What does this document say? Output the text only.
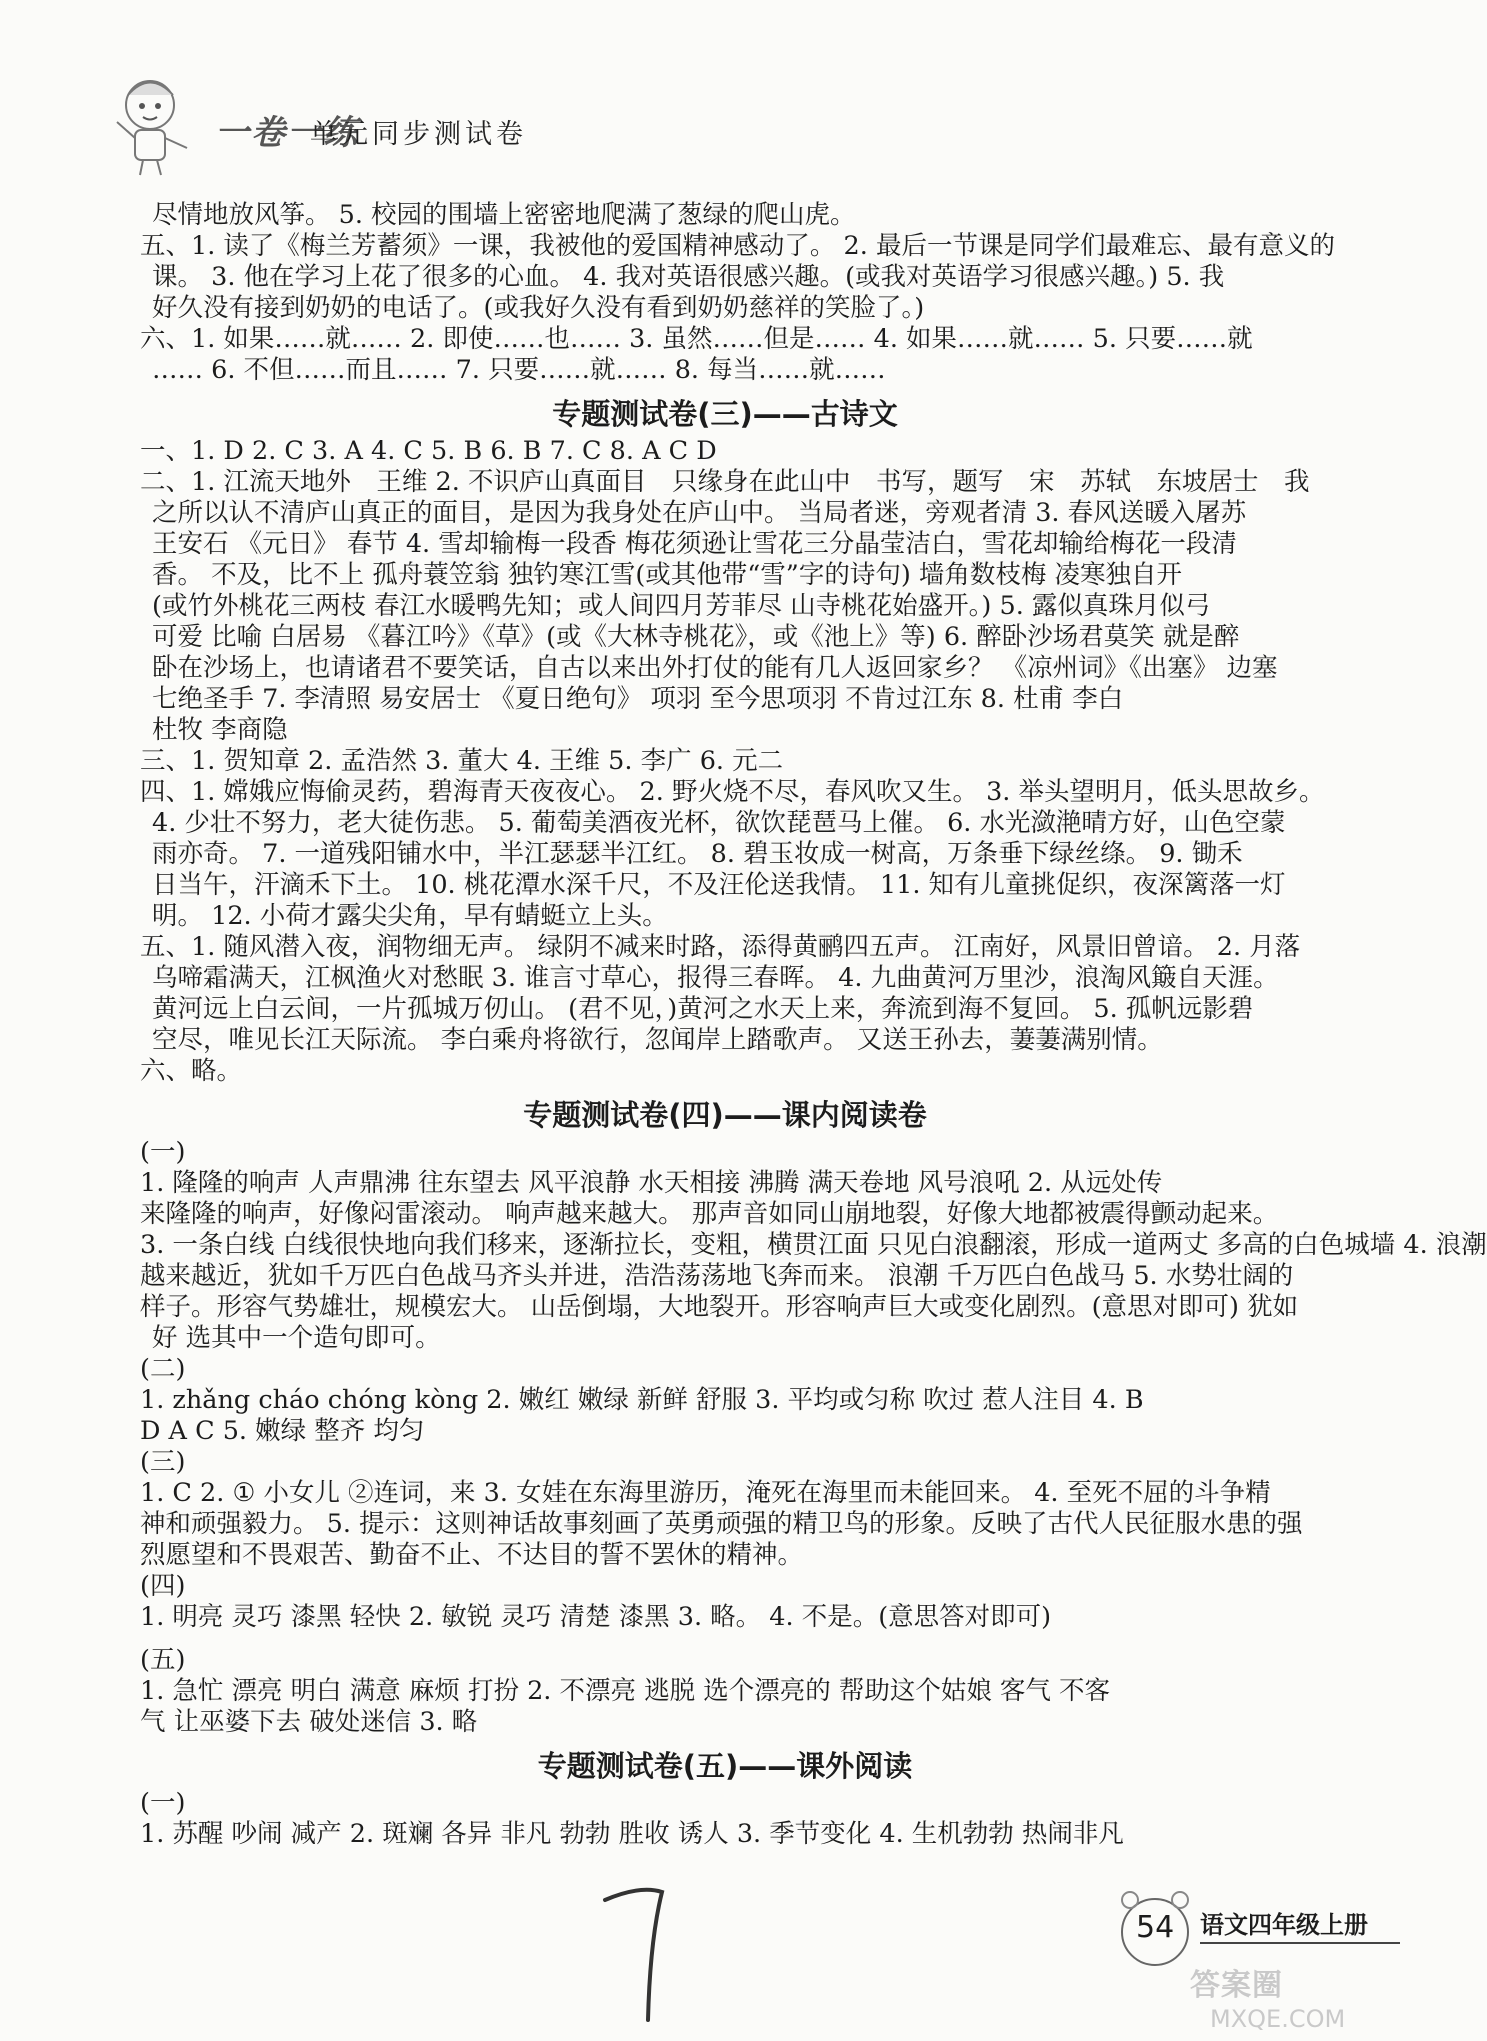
一卷一练
单元同步测试卷
尽情地放风筝。 5. 校园的围墙上密密地爬满了葱绿的爬山虎。
五、1. 读了《梅兰芳蓄须》一课，我被他的爱国精神感动了。 2. 最后一节课是同学们最难忘、最有意义的
课。 3. 他在学习上花了很多的心血。 4. 我对英语很感兴趣。(或我对英语学习很感兴趣。) 5. 我
好久没有接到奶奶的电话了。(或我好久没有看到奶奶慈祥的笑脸了。)
六、1. 如果……就…… 2. 即使……也…… 3. 虽然……但是…… 4. 如果……就…… 5. 只要……就
…… 6. 不但……而且…… 7. 只要……就…… 8. 每当……就……
专题测试卷(三)——古诗文
一、1. D 2. C 3. A 4. C 5. B 6. B 7. C 8. A C D
二、1. 江流天地外　王维 2. 不识庐山真面目　只缘身在此山中　书写，题写　宋　苏轼　东坡居士　我
之所以认不清庐山真正的面目，是因为我身处在庐山中。 当局者迷，旁观者清 3. 春风送暖入屠苏
王安石 《元日》 春节 4. 雪却输梅一段香 梅花须逊让雪花三分晶莹洁白，雪花却输给梅花一段清
香。 不及，比不上 孤舟蓑笠翁 独钓寒江雪(或其他带“雪”字的诗句) 墙角数枝梅 凌寒独自开
(或竹外桃花三两枝 春江水暖鸭先知；或人间四月芳菲尽 山寺桃花始盛开。) 5. 露似真珠月似弓
可爱 比喻 白居易 《暮江吟》《草》(或《大林寺桃花》，或《池上》等) 6. 醉卧沙场君莫笑 就是醉
卧在沙场上，也请诸君不要笑话，自古以来出外打仗的能有几人返回家乡？ 《凉州词》《出塞》 边塞
七绝圣手 7. 李清照 易安居士 《夏日绝句》 项羽 至今思项羽 不肯过江东 8. 杜甫 李白
杜牧 李商隐
三、1. 贺知章 2. 孟浩然 3. 董大 4. 王维 5. 李广 6. 元二
四、1. 嫦娥应悔偷灵药，碧海青天夜夜心。 2. 野火烧不尽，春风吹又生。 3. 举头望明月，低头思故乡。
4. 少壮不努力，老大徒伤悲。 5. 葡萄美酒夜光杯，欲饮琵琶马上催。 6. 水光潋滟晴方好，山色空蒙
雨亦奇。 7. 一道残阳铺水中，半江瑟瑟半江红。 8. 碧玉妆成一树高，万条垂下绿丝绦。 9. 锄禾
日当午，汗滴禾下土。 10. 桃花潭水深千尺，不及汪伦送我情。 11. 知有儿童挑促织，夜深篱落一灯
明。 12. 小荷才露尖尖角，早有蜻蜓立上头。
五、1. 随风潜入夜，润物细无声。 绿阴不减来时路，添得黄鹂四五声。 江南好，风景旧曾谙。 2. 月落
乌啼霜满天，江枫渔火对愁眠 3. 谁言寸草心，报得三春晖。 4. 九曲黄河万里沙，浪淘风簸自天涯。
黄河远上白云间，一片孤城万仞山。 (君不见，)黄河之水天上来，奔流到海不复回。 5. 孤帆远影碧
空尽，唯见长江天际流。 李白乘舟将欲行，忽闻岸上踏歌声。 又送王孙去，萋萋满别情。
六、略。
专题测试卷(四)——课内阅读卷
(一)
1. 隆隆的响声 人声鼎沸 往东望去 风平浪静 水天相接 沸腾 满天卷地 风号浪吼 2. 从远处传
来隆隆的响声，好像闷雷滚动。 响声越来越大。 那声音如同山崩地裂，好像大地都被震得颤动起来。
3. 一条白线 白线很快地向我们移来，逐渐拉长，变粗，横贯江面 只见白浪翻滚，形成一道两丈 多高的白色城墙 4. 浪潮
越来越近，犹如千万匹白色战马齐头并进，浩浩荡荡地飞奔而来。 浪潮 千万匹白色战马 5. 水势壮阔的
样子。形容气势雄壮，规模宏大。 山岳倒塌，大地裂开。形容响声巨大或变化剧烈。(意思对即可) 犹如
好 选其中一个造句即可。
(二)
1. zhǎng cháo chóng kòng 2. 嫩红 嫩绿 新鲜 舒服 3. 平均或匀称 吹过 惹人注目 4. B
D A C 5. 嫩绿 整齐 均匀
(三)
1. C 2. ① 小女儿 ②连词，来 3. 女娃在东海里游历，淹死在海里而未能回来。 4. 至死不屈的斗争精
神和顽强毅力。 5. 提示：这则神话故事刻画了英勇顽强的精卫鸟的形象。反映了古代人民征服水患的强
烈愿望和不畏艰苦、勤奋不止、不达目的誓不罢休的精神。
(四)
1. 明亮 灵巧 漆黑 轻快 2. 敏锐 灵巧 清楚 漆黑 3. 略。 4. 不是。(意思答对即可)
(五)
1. 急忙 漂亮 明白 满意 麻烦 打扮 2. 不漂亮 逃脱 选个漂亮的 帮助这个姑娘 客气 不客
气 让巫婆下去 破处迷信 3. 略
专题测试卷(五)——课外阅读
(一)
1. 苏醒 吵闹 减产 2. 斑斓 各异 非凡 勃勃 胜收 诱人 3. 季节变化 4. 生机勃勃 热闹非凡
54 语文四年级上册
答案圈
MXQE.COM
